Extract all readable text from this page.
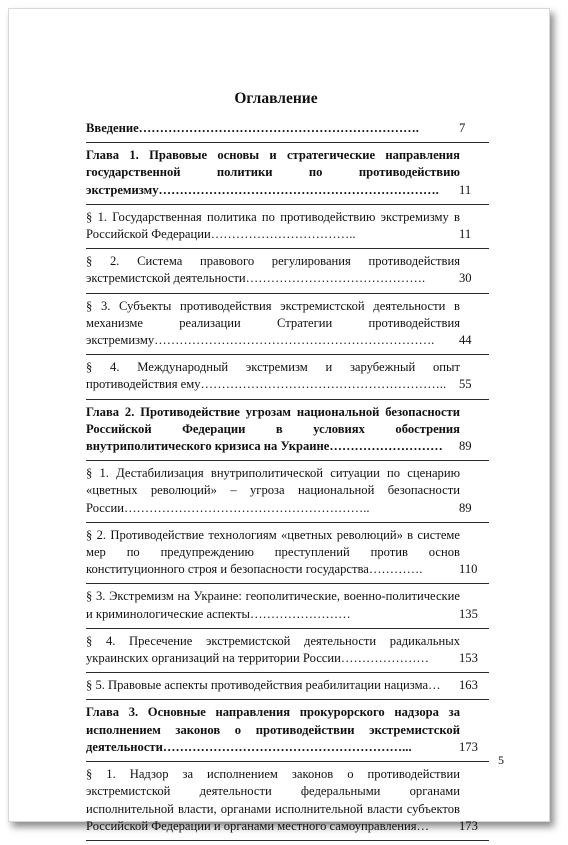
Оглавление
Введение………………………………………………………….	7
Глава 1. Правовые основы и стратегические направления государственной политики по противодействию экстремизму………………………………………………………….	11
§ 1. Государственная политика по противодействию экстремизму в Российской Федерации……………………………..	11
§ 2. Система правового регулирования противодействия экстремистской деятельности…………………………………….	30
§ 3. Субъекты противодействия экстремистской деятельности в механизме реализации Стратегии противодействия экстремизму………………………………………………………….	44
§ 4. Международный экстремизм и зарубежный опыт противодействия ему…………………………………………………..	55
Глава 2. Противодействие угрозам национальной безопасности Российской Федерации в условиях обострения внутриполитического кризиса на Украине………………………	89
§ 1. Дестабилизация внутриполитической ситуации по сценарию «цветных революций» – угроза национальной безопасности России…………………………………………………..	89
§ 2. Противодействие технологиям «цветных революций» в системе мер по предупреждению преступлений против основ конституционного строя и безопасности государства………….	110
§ 3. Экстремизм на Украине: геополитические, военно-политические и криминологические аспекты……………………	135
§ 4. Пресечение экстремистской деятельности радикальных украинских организаций на территории России…………………	153
§ 5. Правовые аспекты противодействия реабилитации нацизма…	163
Глава 3. Основные направления прокурорского надзора за исполнением законов о противодействии экстремистской деятельности…………………………………………………...	173
§ 1. Надзор за исполнением законов о противодействии экстремистской деятельности федеральными органами исполнительной власти, органами исполнительной власти субъектов Российской Федерации и органами местного самоуправления…	173
5
